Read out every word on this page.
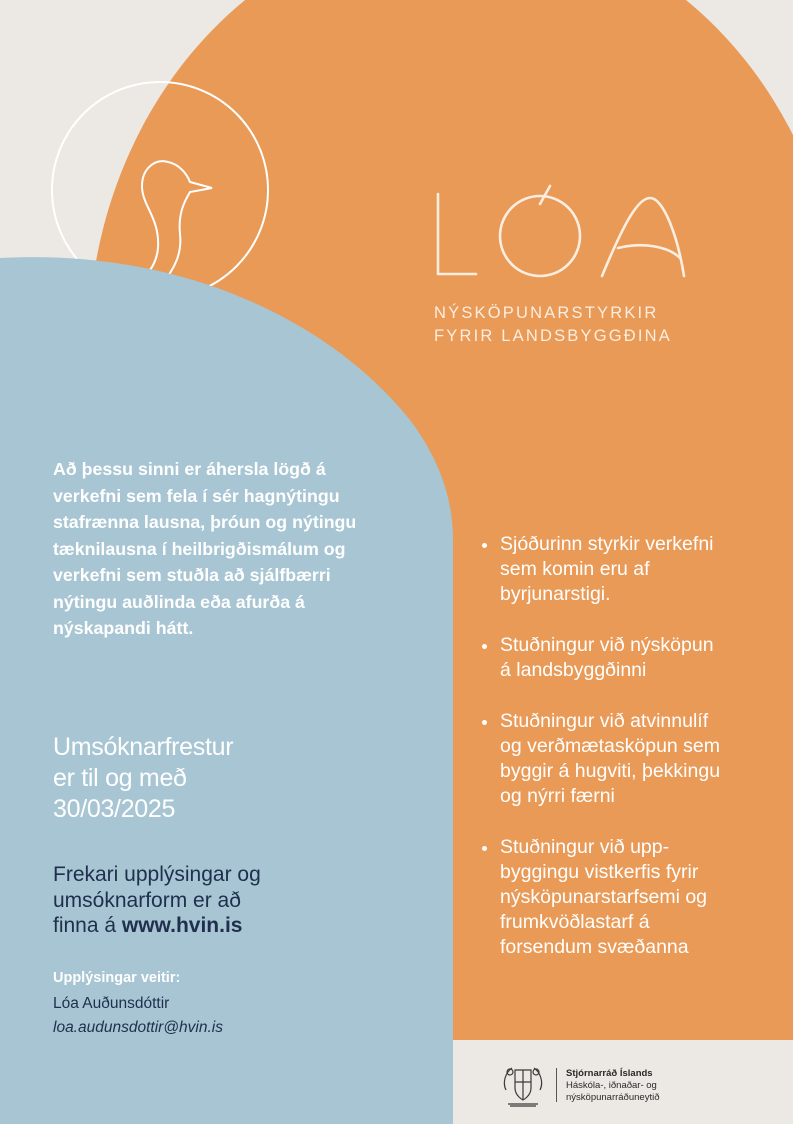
NÝSKÖPUNARSTYRKIR
FYRIR LANDSBYGGÐINA
Að þessu sinni er áhersla lögð á verkefni sem fela í sér hagnýtingu stafrænna lausna, þróun og nýtingu tæknilausna í heilbrigðismálum og verkefni sem stuðla að sjálfbærri nýtingu auðlinda eða afurða á nýskapandi hátt.
Umsóknarfrestur
er til og með
30/03/2025
Frekari upplýsingar og
umsóknarform er að
finna á www.hvin.is
Upplýsingar veitir:
Lóa Auðunsdóttir
loa.audunsdottir@hvin.is
Sjóðurinn styrkir verkefni
sem komin eru af
byrjunarstigi.
Stuðningur við nýsköpun
á landsbyggðinni
Stuðningur við atvinnulíf
og verðmætasköpun sem
byggir á hugviti, þekkingu
og nýrri færni
Stuðningur við upp-
byggingu vistkerfis fyrir
nýsköpunarstarfsemi og
frumkvöðlastarf á
forsendum svæðanna
Stjórnarráð Íslands
Háskóla-, iðnaðar- og
nýsköpunarráðuneytið
